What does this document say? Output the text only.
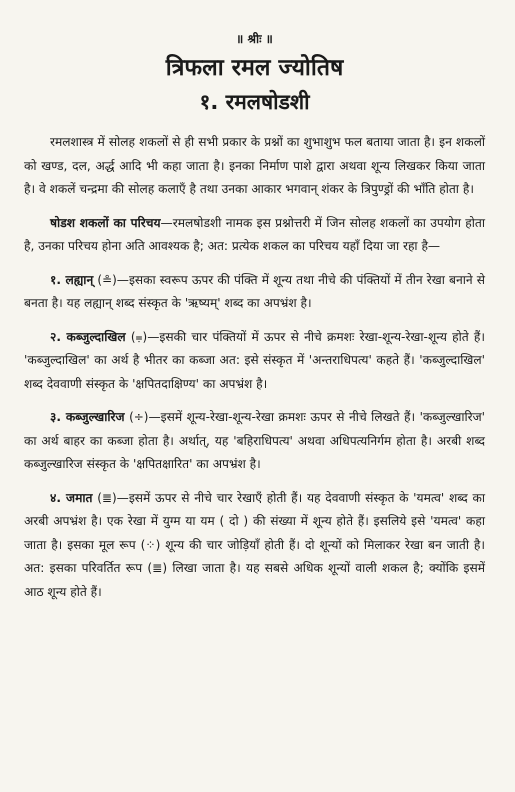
॥ श्रीः ॥
त्रिफला रमल ज्योतिष
१. रमलषोडशी

रमलशास्त्र में सोलह शकलों से ही सभी प्रकार के प्रश्नों का शुभाशुभ फल बताया जाता है। इन शकलों को खण्ड, दल, अर्द्ध आदि भी कहा जाता है। इनका निर्माण पाशे द्वारा अथवा शून्य लिखकर किया जाता है। वे शकलें चन्द्रमा की सोलह कलाएँ है तथा उनका आकार भगवान् शंकर के त्रिपुण्ड्रों की भाँति होता है।

षोडश शकलों का परिचय—रमलषोडशी नामक इस प्रश्नोत्तरी में जिन सोलह शकलों का उपयोग होता है, उनका परिचय होना अति आवश्यक है; अत: प्रत्येक शकल का परिचय यहाँ दिया जा रहा है—

१. लह्यान् (≗)—इसका स्वरूप ऊपर की पंक्ति में शून्य तथा नीचे की पंक्तियों में तीन रेखा बनाने से बनता है। यह लह्यान् शब्द संस्कृत के 'ऋष्यम्' शब्द का अपभ्रंश है।

२. कब्जुल्दाखिल (⩦)—इसकी चार पंक्तियों में ऊपर से नीचे क्रमशः रेखा-शून्य-रेखा-शून्य होते हैं। 'कब्जुल्दाखिल' का अर्थ है भीतर का कब्जा अत: इसे संस्कृत में 'अन्तराधिपत्य' कहते हैं। 'कब्जुल्दाखिल' शब्द देववाणी संस्कृत के 'क्षपितदाक्षिण्य' का अपभ्रंश है।

३. कब्जुल्खारिज (÷)—इसमें शून्य-रेखा-शून्य-रेखा क्रमशः ऊपर से नीचे लिखते हैं। 'कब्जुल्खारिज' का अर्थ बाहर का कब्जा होता है। अर्थात्, यह 'बहिराधिपत्य' अथवा अधिपत्यनिर्गम होता है। अरबी शब्द कब्जुल्खारिज संस्कृत के 'क्षपितक्षारित' का अपभ्रंश है।

४. जमात (≣)—इसमें ऊपर से नीचे चार रेखाएँ होती हैं। यह देववाणी संस्कृत के 'यमत्व' शब्द का अरबी अपभ्रंश है। एक रेखा में युग्म या यम ( दो ) की संख्या में शून्य होते हैं। इसलिये इसे 'यमत्व' कहा जाता है। इसका मूल रूप (⁘) शून्य की चार जोड़ियाँ होती हैं। दो शून्यों को मिलाकर रेखा बन जाती है। अत: इसका परिवर्तित रूप (≣) लिखा जाता है। यह सबसे अधिक शून्यों वाली शकल है; क्योंकि इसमें आठ शून्य होते हैं।
